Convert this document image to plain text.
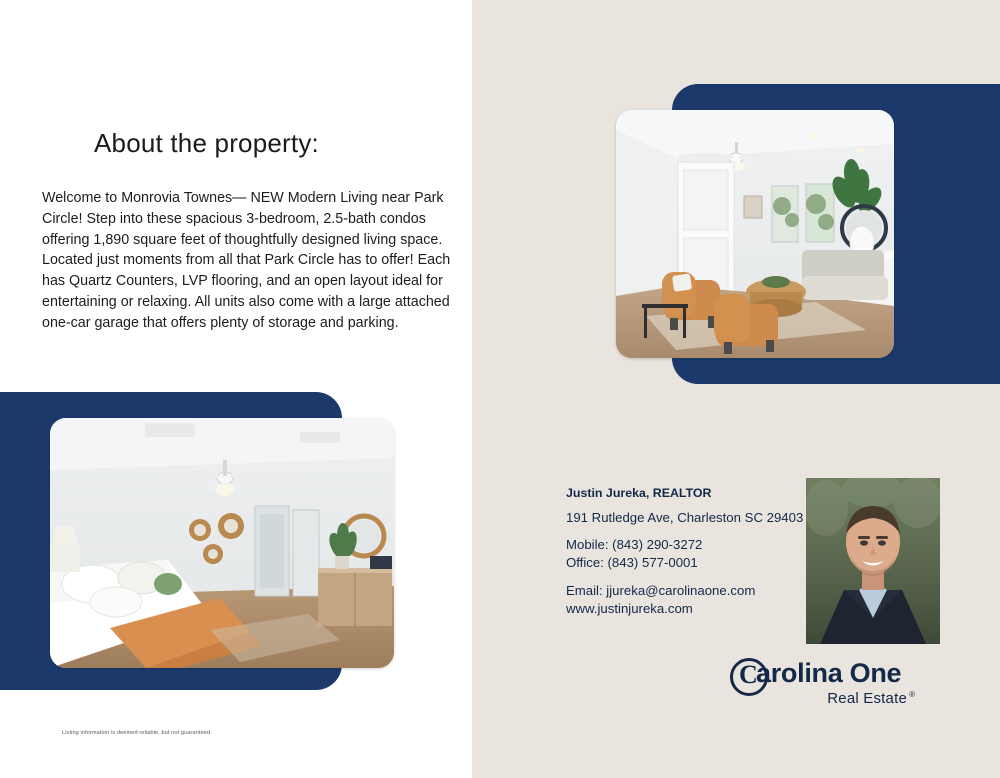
About the property:
Welcome to Monrovia Townes— NEW Modern Living near Park Circle! Step into these spacious 3-bedroom, 2.5-bath condos offering 1,890 square feet of thoughtfully designed living space. Located just moments from all that Park Circle has to offer! Each has Quartz Counters, LVP flooring, and an open layout ideal for entertaining or relaxing. All units also come with a large attached one-car garage that offers plenty of storage and parking.
Listing information is deemed reliable, but not guaranteed.
Justin Jureka, REALTOR
191 Rutledge Ave, Charleston SC 29403
Mobile: (843) 290-3272
Office: (843) 577-0001
Email: jjureka@carolinaone.com
www.justinjureka.com
C
arolina One
Real Estate ®
